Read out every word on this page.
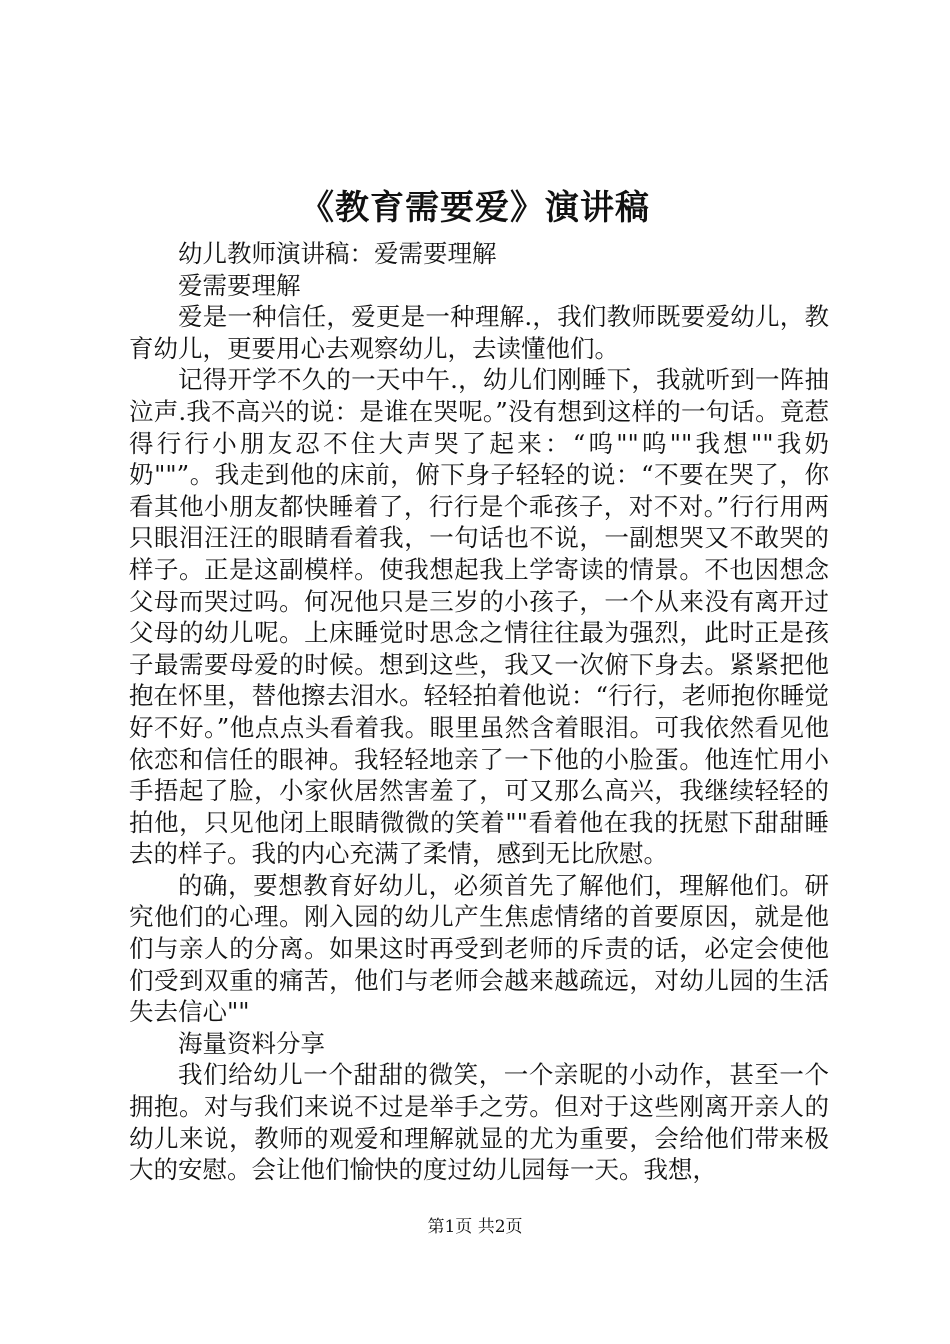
《教育需要爱》演讲稿

幼儿教师演讲稿：爱需要理解

爱需要理解

爱是一种信任，爱更是一种理解.，我们教师既要爱幼儿，教育幼儿，更要用心去观察幼儿，去读懂他们。

记得开学不久的一天中午.，幼儿们刚睡下，我就听到一阵抽泣声.我不高兴的说：是谁在哭呢。”没有想到这样的一句话。竟惹得行行小朋友忍不住大声哭了起来：“呜""呜""我想""我奶奶""”。我走到他的床前，俯下身子轻轻的说：“不要在哭了，你看其他小朋友都快睡着了，行行是个乖孩子，对不对。”行行用两只眼泪汪汪的眼睛看着我，一句话也不说，一副想哭又不敢哭的样子。正是这副模样。使我想起我上学寄读的情景。不也因想念父母而哭过吗。何况他只是三岁的小孩子，一个从来没有离开过父母的幼儿呢。上床睡觉时思念之情往往最为强烈，此时正是孩子最需要母爱的时候。想到这些，我又一次俯下身去。紧紧把他抱在怀里，替他擦去泪水。轻轻拍着他说：“行行，老师抱你睡觉好不好。”他点点头看着我。眼里虽然含着眼泪。可我依然看见他依恋和信任的眼神。我轻轻地亲了一下他的小脸蛋。他连忙用小手捂起了脸，小家伙居然害羞了，可又那么高兴，我继续轻轻的拍他，只见他闭上眼睛微微的笑着""看着他在我的抚慰下甜甜睡去的样子。我的内心充满了柔情，感到无比欣慰。

的确，要想教育好幼儿，必须首先了解他们，理解他们。研究他们的心理。刚入园的幼儿产生焦虑情绪的首要原因，就是他们与亲人的分离。如果这时再受到老师的斥责的话，必定会使他们受到双重的痛苦，他们与老师会越来越疏远，对幼儿园的生活失去信心""

海量资料分享

我们给幼儿一个甜甜的微笑，一个亲昵的小动作，甚至一个拥抱。对与我们来说不过是举手之劳。但对于这些刚离开亲人的幼儿来说，教师的观爱和理解就显的尤为重要，会给他们带来极大的安慰。会让他们愉快的度过幼儿园每一天。我想，

第1页 共2页
